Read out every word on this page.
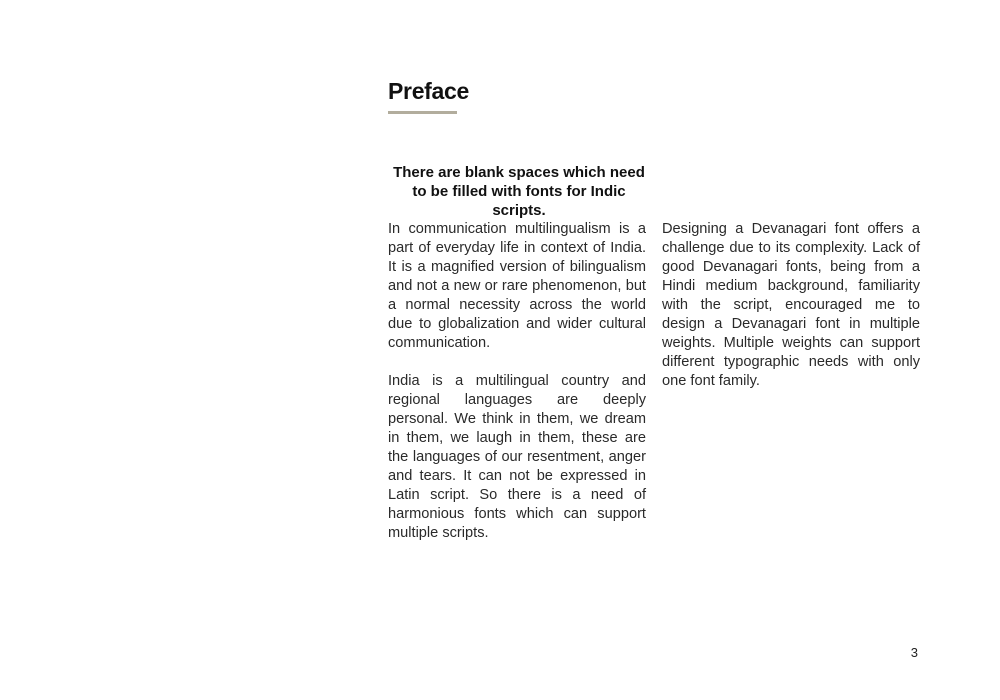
Preface

There are blank spaces which need to be filled with fonts for Indic scripts.

In communication multilingualism is a part of everyday life in context of India. It is a magnified version of bilingualism and not a new or rare phenomenon, but a normal necessity across the world due to globalization and wider cultural communication.

India is a multilingual country and regional languages are deeply personal. We think in them, we dream in them, we laugh in them, these are the languages of our resentment, anger and tears. It can not be expressed in Latin script. So there is a need of harmonious fonts which can support multiple scripts.

Designing a Devanagari font offers a challenge due to its complexity. Lack of good Devanagari fonts, being from a Hindi medium background, familiarity with the script, encouraged me to design a Devanagari font in multiple weights. Multiple weights can support different typographic needs with only one font family.

3
